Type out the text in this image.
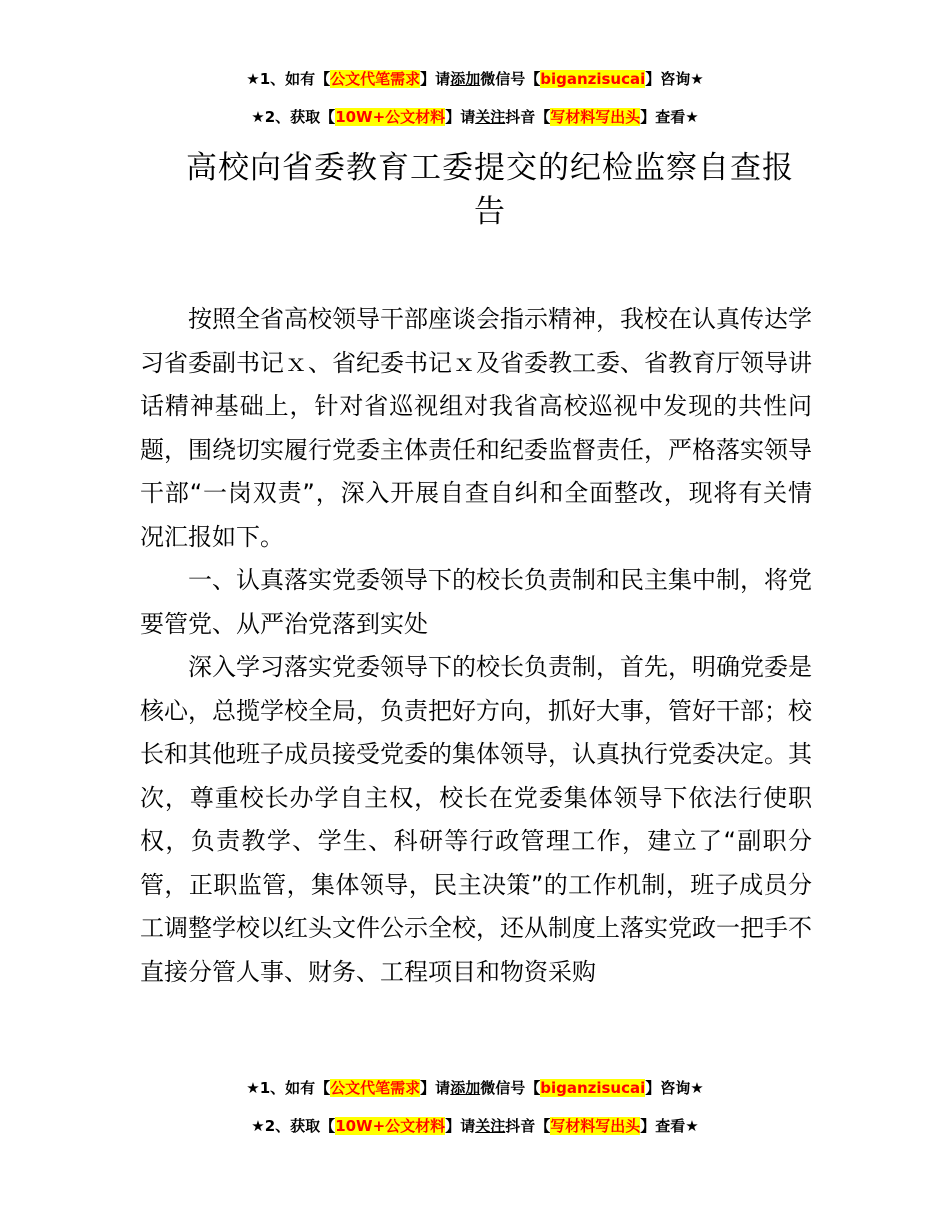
★1、如有【公文代笔需求】请添加微信号【biganzisucai】咨询★
★2、获取【10W+公文材料】请关注抖音【写材料写出头】查看★
高校向省委教育工委提交的纪检监察自查报告

按照全省高校领导干部座谈会指示精神，我校在认真传达学习省委副书记ｘ、省纪委书记ｘ及省委教工委、省教育厅领导讲话精神基础上，针对省巡视组对我省高校巡视中发现的共性问题，围绕切实履行党委主体责任和纪委监督责任，严格落实领导干部“一岗双责”，深入开展自查自纠和全面整改，现将有关情况汇报如下。

一、认真落实党委领导下的校长负责制和民主集中制，将党要管党、从严治党落到实处

深入学习落实党委领导下的校长负责制，首先，明确党委是核心，总揽学校全局，负责把好方向，抓好大事，管好干部；校长和其他班子成员接受党委的集体领导，认真执行党委决定。其次，尊重校长办学自主权，校长在党委集体领导下依法行使职权，负责教学、学生、科研等行政管理工作，建立了“副职分管，正职监管，集体领导，民主决策”的工作机制，班子成员分工调整学校以红头文件公示全校，还从制度上落实党政一把手不直接分管人事、财务、工程项目和物资采购

★1、如有【公文代笔需求】请添加微信号【biganzisucai】咨询★
★2、获取【10W+公文材料】请关注抖音【写材料写出头】查看★
